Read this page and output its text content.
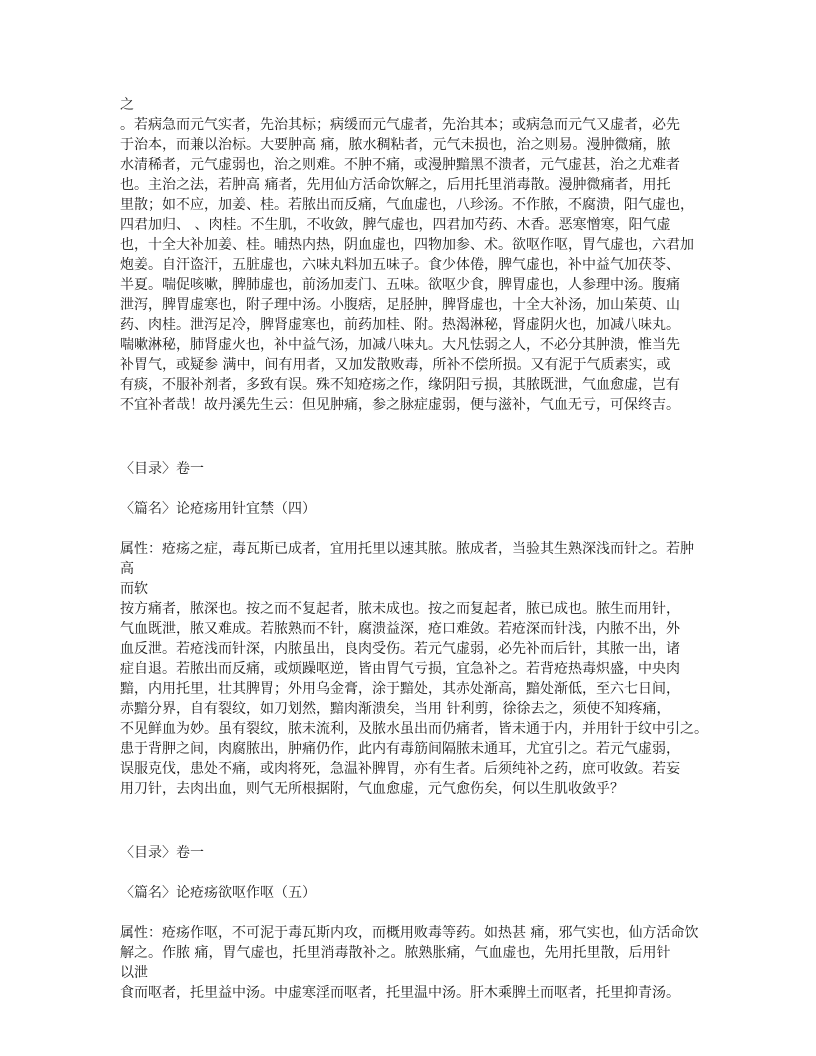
之
。若病急而元气实者，先治其标；病缓而元气虚者，先治其本；或病急而元气又虚者，必先
于治本，而兼以治标。大要肿高 痛，脓水稠粘者，元气未损也，治之则易。漫肿微痛，脓
水清稀者，元气虚弱也，治之则难。不肿不痛，或漫肿黯黑不溃者，元气虚甚，治之尤难者
也。主治之法，若肿高 痛者，先用仙方活命饮解之，后用托里消毒散。漫肿微痛者，用托
里散；如不应，加姜、桂。若脓出而反痛，气血虚也，八珍汤。不作脓，不腐溃，阳气虚也，
四君加归、 、肉桂。不生肌，不收敛，脾气虚也，四君加芍药、木香。恶寒憎寒，阳气虚
也，十全大补加姜、桂。晡热内热，阴血虚也，四物加参、术。欲呕作呕，胃气虚也，六君加
炮姜。自汗盗汗，五脏虚也，六味丸料加五味子。食少体倦，脾气虚也，补中益气加茯苓、
半夏。喘促咳嗽，脾肺虚也，前汤加麦门、五味。欲呕少食，脾胃虚也，人参理中汤。腹痛
泄泻，脾胃虚寒也，附子理中汤。小腹痞，足胫肿，脾肾虚也，十全大补汤，加山茱萸、山
药、肉桂。泄泻足冷，脾肾虚寒也，前药加桂、附。热渴淋秘，肾虚阴火也，加减八味丸。
喘嗽淋秘，肺肾虚火也，补中益气汤，加减八味丸。大凡怯弱之人，不必分其肿溃，惟当先
补胃气，或疑参 满中，间有用者，又加发散败毒，所补不偿所损。又有泥于气质素实，或
有痰，不服补剂者，多致有误。殊不知疮疡之作，缘阴阳亏损，其脓既泄，气血愈虚，岂有
不宜补者哉！故丹溪先生云：但见肿痛，参之脉症虚弱，便与滋补，气血无亏，可保终吉。
〈目录〉卷一
〈篇名〉论疮疡用针宜禁（四）
属性：疮疡之症，毒瓦斯已成者，宜用托里以速其脓。脓成者，当验其生熟深浅而针之。若肿
高
而软
按方痛者，脓深也。按之而不复起者，脓未成也。按之而复起者，脓已成也。脓生而用针，
气血既泄，脓又难成。若脓熟而不针，腐溃益深，疮口难敛。若疮深而针浅，内脓不出，外
血反泄。若疮浅而针深，内脓虽出，良肉受伤。若元气虚弱，必先补而后针，其脓一出，诸
症自退。若脓出而反痛，或烦躁呕逆，皆由胃气亏损，宜急补之。若背疮热毒炽盛，中央肉
黯，内用托里，壮其脾胃；外用乌金膏，涂于黯处，其赤处渐高，黯处渐低，至六七日间，
赤黯分界，自有裂纹，如刀划然，黯肉渐溃矣，当用 针利剪，徐徐去之，须使不知疼痛，
不见鲜血为妙。虽有裂纹，脓未流利，及脓水虽出而仍痛者，皆未通于内，并用针于纹中引之。
患于背胛之间，肉腐脓出，肿痛仍作，此内有毒筋间隔脓未通耳，尤宜引之。若元气虚弱，
误服克伐，患处不痛，或肉将死，急温补脾胃，亦有生者。后须纯补之药，庶可收敛。若妄
用刀针，去肉出血，则气无所根据附，气血愈虚，元气愈伤矣，何以生肌收敛乎？
〈目录〉卷一
〈篇名〉论疮疡欲呕作呕（五）
属性：疮疡作呕，不可泥于毒瓦斯内攻，而概用败毒等药。如热甚 痛，邪气实也，仙方活命饮
解之。作脓 痛，胃气虚也，托里消毒散补之。脓熟胀痛，气血虚也，先用托里散，后用针
以泄
食而呕者，托里益中汤。中虚寒淫而呕者，托里温中汤。肝木乘脾土而呕者，托里抑青汤。
